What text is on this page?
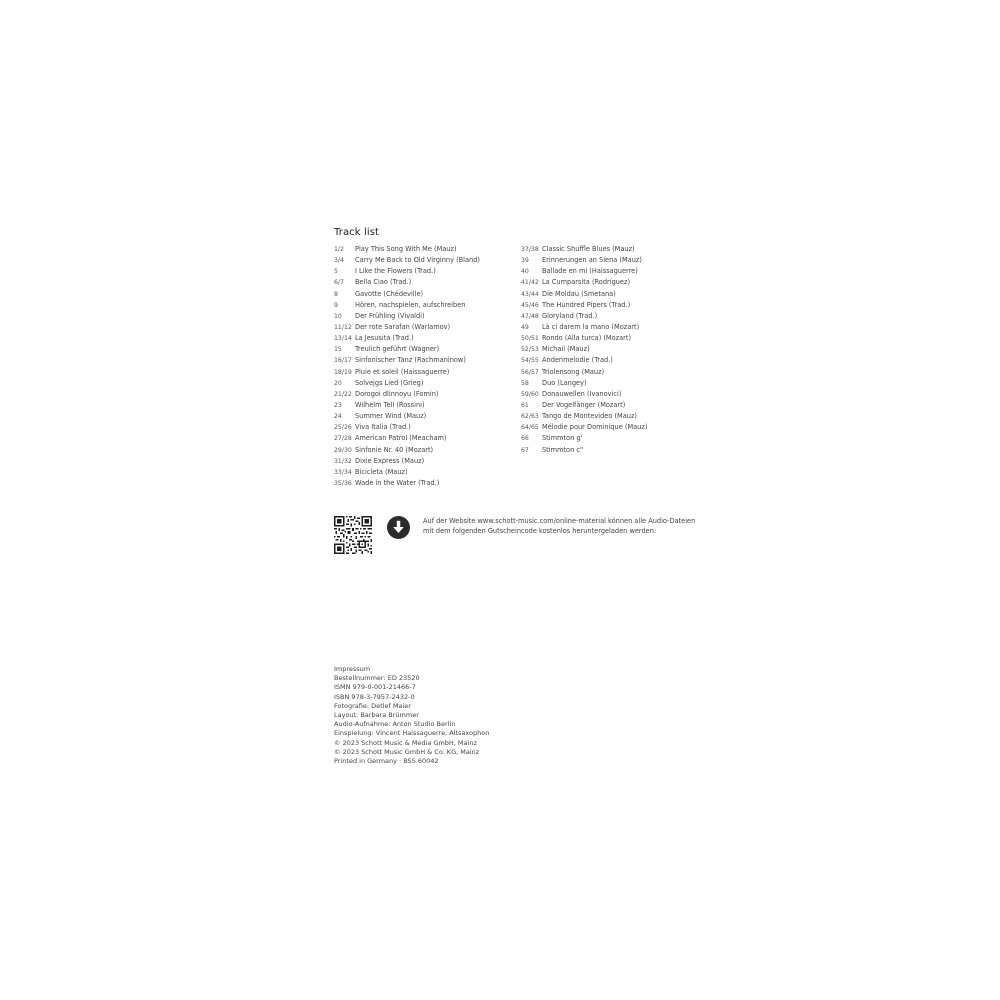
Track list
1/2 Play This Song With Me (Mauz)
3/4 Carry Me Back to Old Virginny (Bland)
5	I Like the Flowers (Trad.)
6/7 Bella Ciao (Trad.)
8	Gavotte (Chédeville)
9	Hören, nachspielen, aufschreiben
10 Der Frühling (Vivaldi)
11/12 Der rote Sarafan (Warlamov)
13/14 La Jesusita (Trad.)
15 Treulich geführt (Wagner)
16/17 Sinfonischer Tanz (Rachmaninow)
18/19 Pluie et soleil (Haissaguerre)
20 Solvejgs Lied (Grieg)
21/22 Dorogoi dlinnoyu (Fomin)
23 Wilhelm Tell (Rossini)
24 Summer Wind (Mauz)
25/26 Viva Italia (Trad.)
27/28 American Patrol (Meacham)
29/30 Sinfonie Nr. 40 (Mozart)
31/32 Dixie Express (Mauz)
33/34 Bicicleta (Mauz)
35/36 Wade in the Water (Trad.)
37/38 Classic Shuffle Blues (Mauz)
39 Erinnerungen an Siena (Mauz)
40 Ballade en mi (Haissaguerre)
41/42 La Cumparsita (Rodríguez)
43/44 Die Moldau (Smetana)
45/46 The Hundred Pipers (Trad.)
47/48 Gloryland (Trad.)
49 Là ci darem la mano (Mozart)
50/51 Rondo (Alla turca) (Mozart)
52/53 Michail (Mauz)
54/55 Andenmelodie (Trad.)
56/57 Triolensong (Mauz)
58 Duo (Langey)
59/60 Donauwellen (Ivanovici)
61 Der Vogelfänger (Mozart)
62/63 Tango de Montevideo (Mauz)
64/65 Mélodie pour Dominique (Mauz)
66 Stimmton g'
67 Stimmton c''
Auf der Website www.schott-music.com/online-material können alle Audio-Dateien mit dem folgenden Gutscheincode kostenlos heruntergeladen werden:
Impressum
Bestellnummer: ED 23520
ISMN 979-0-001-21466-7
ISBN 978-3-7957-2432-0
Fotografie: Detlef Maier
Layout: Barbara Brümmer
Audio-Aufnahme: Anton Studio Berlin
Einspielung: Vincent Haissaguerre, Altsaxophon
© 2023 Schott Music & Media GmbH, Mainz
© 2023 Schott Music GmbH & Co. KG, Mainz
Printed in Germany · BSS 60042
